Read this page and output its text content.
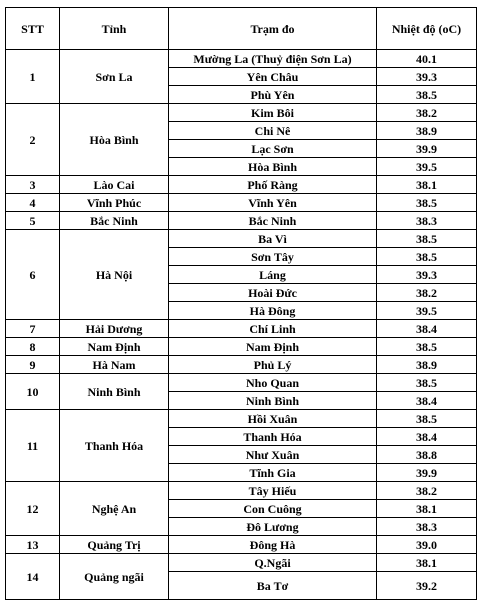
STT	Tỉnh	Trạm đo	Nhiệt độ (oC)
1	Sơn La	Mường La (Thuỷ điện Sơn La)	40.1
		Yên Châu	39.3
		Phù Yên	38.5
2	Hòa Bình	Kim Bôi	38.2
		Chi Nê	38.9
		Lạc Sơn	39.9
		Hòa Bình	39.5
3	Lào Cai	Phố Ràng	38.1
4	Vĩnh Phúc	Vĩnh Yên	38.5
5	Bắc Ninh	Bắc Ninh	38.3
6	Hà Nội	Ba Vì	38.5
		Sơn Tây	38.5
		Láng	39.3
		Hoài Đức	38.2
		Hà Đông	39.5
7	Hải Dương	Chí Linh	38.4
8	Nam Định	Nam Định	38.5
9	Hà Nam	Phủ Lý	38.9
10	Ninh Bình	Nho Quan	38.5
		Ninh Bình	38.4
11	Thanh Hóa	Hồi Xuân	38.5
		Thanh Hóa	38.4
		Như Xuân	38.8
		Tĩnh Gia	39.9
12	Nghệ An	Tây Hiếu	38.2
		Con Cuông	38.1
		Đô Lương	38.3
13	Quảng Trị	Đông Hà	39.0
14	Quảng ngãi	Q.Ngãi	38.1
		Ba Tơ	39.2
